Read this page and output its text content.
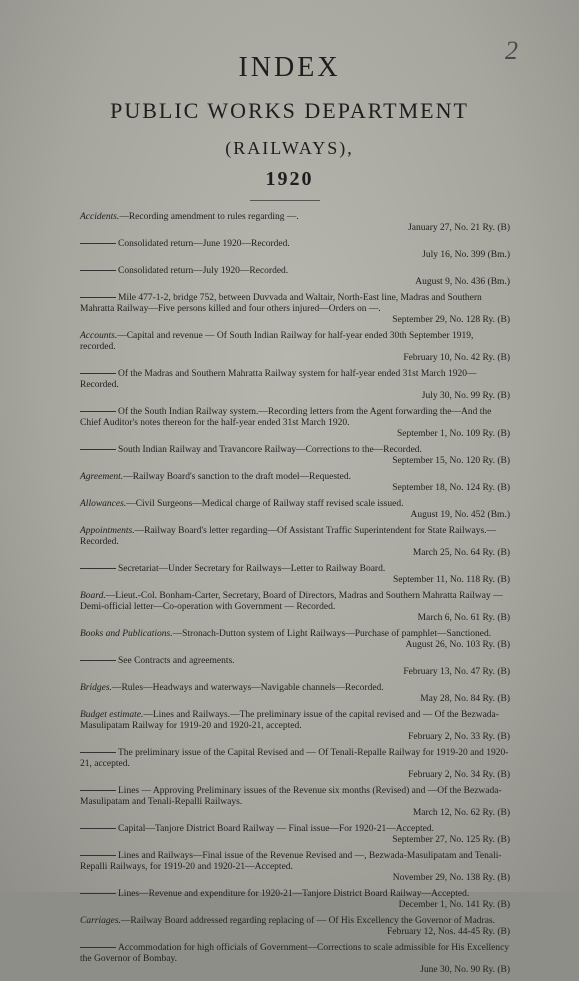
2
INDEX
PUBLIC WORKS DEPARTMENT
(RAILWAYS),
1920
Accidents.—Recording amendment to rules regarding —.
January 27, No. 21 Ry. (B)
Consolidated return—June 1920—Recorded.
July 16, No. 399 (Bm.)
Consolidated return—July 1920—Recorded.
August 9, No. 436 (Bm.)
Mile 477-1-2, bridge 752, between Duvvada and Waltair, North-East line, Madras and Southern Mahratta Railway—Five persons killed and four others injured—Orders on —.
September 29, No. 128 Ry. (B)
Accounts.—Capital and revenue — Of South Indian Railway for half-year ended 30th September 1919, recorded.
February 10, No. 42 Ry. (B)
Of the Madras and Southern Mahratta Railway system for half-year ended 31st March 1920—Recorded.
July 30, No. 99 Ry. (B)
Of the South Indian Railway system.—Recording letters from the Agent forwarding the—And the Chief Auditor's notes thereon for the half-year ended 31st March 1920.
September 1, No. 109 Ry. (B)
South Indian Railway and Travancore Railway—Corrections to the—Recorded.
September 15, No. 120 Ry. (B)
Agreement.—Railway Board's sanction to the draft model—Requested.
September 18, No. 124 Ry. (B)
Allowances.—Civil Surgeons—Medical charge of Railway staff revised scale issued.
August 19, No. 452 (Bm.)
Appointments.—Railway Board's letter regarding—Of Assistant Traffic Superintendent for State Railways.—Recorded.
March 25, No. 64 Ry. (B)
Secretariat—Under Secretary for Railways—Letter to Railway Board.
September 11, No. 118 Ry. (B)
Board.—Lieut.-Col. Bonham-Carter, Secretary, Board of Directors, Madras and Southern Mahratta Railway — Demi-official letter—Co-operation with Government — Recorded.
March 6, No. 61 Ry. (B)
Books and Publications.—Stronach-Dutton system of Light Railways—Purchase of pamphlet—Sanctioned.
August 26, No. 103 Ry. (B)
See Contracts and agreements.
February 13, No. 47 Ry. (B)
Bridges.—Rules—Headways and waterways—Navigable channels—Recorded.
May 28, No. 84 Ry. (B)
Budget estimate.—Lines and Railways.—The preliminary issue of the capital revised and — Of the Bezwada-Masulipatam Railway for 1919-20 and 1920-21, accepted.
February 2, No. 33 Ry. (B)
The preliminary issue of the Capital Revised and — Of Tenali-Repalle Railway for 1919-20 and 1920-21, accepted.
February 2, No. 34 Ry. (B)
Lines — Approving Preliminary issues of the Revenue six months (Revised) and —Of the Bezwada-Masulipatam and Tenali-Repalli Railways.
March 12, No. 62 Ry. (B)
Capital—Tanjore District Board Railway — Final issue—For 1920-21—Accepted.
September 27, No. 125 Ry. (B)
Lines and Railways—Final issue of the Revenue Revised and —, Bezwada-Masulipatam and Tenali-Repalli Railways, for 1919-20 and 1920-21—Accepted.
November 29, No. 138 Ry. (B)
Lines—Revenue and expenditure for 1920-21—Tanjore District Board Railway—Accepted.
December 1, No. 141 Ry. (B)
Carriages.—Railway Board addressed regarding replacing of — Of His Excellency the Governor of Madras.
February 12, Nos. 44-45 Ry. (B)
Accommodation for high officials of Government—Corrections to scale admissible for His Excellency the Governor of Bombay.
June 30, No. 90 Ry. (B)
